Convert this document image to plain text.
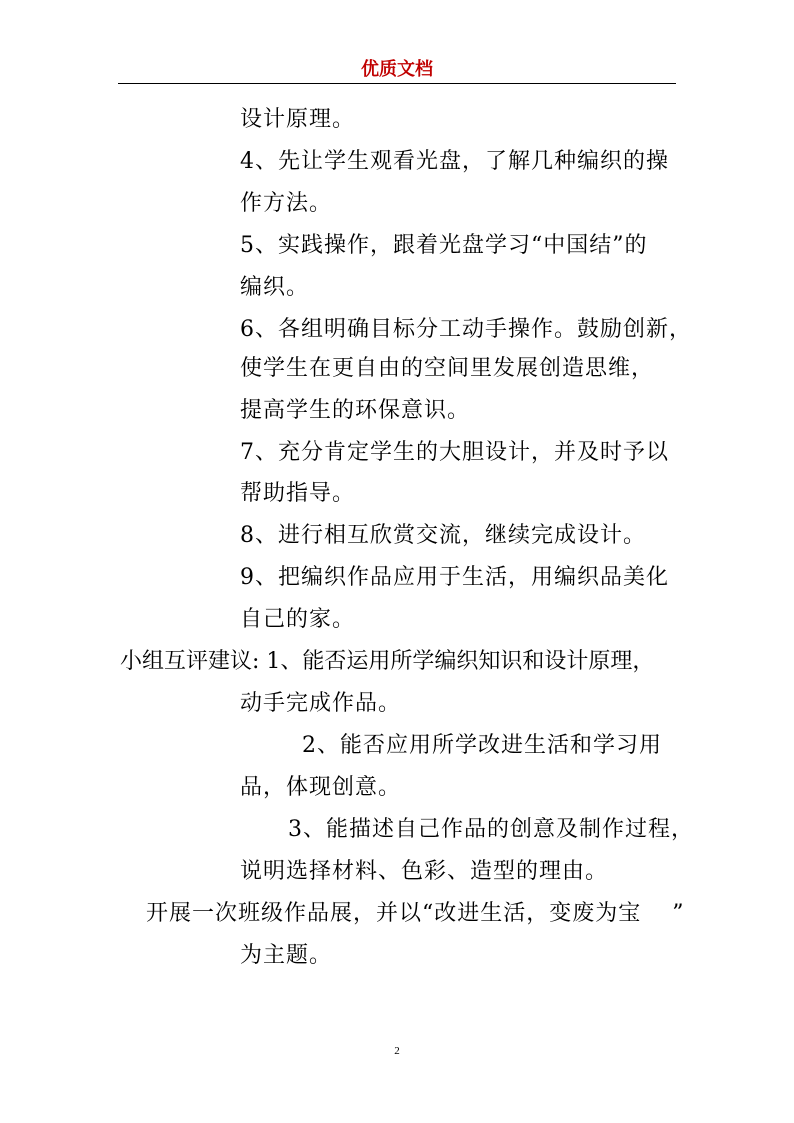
优质文档
设计原理。
4、先让学生观看光盘，了解几种编织的操
作方法。
5、实践操作，跟着光盘学习“中国结”的
编织。
6、各组明确目标分工动手操作。鼓励创新，
使学生在更自由的空间里发展创造思维，
提高学生的环保意识。
7、充分肯定学生的大胆设计，并及时予以
帮助指导。
8、进行相互欣赏交流，继续完成设计。
9、把编织作品应用于生活，用编织品美化
自己的家。
小组互评建议: 1、能否运用所学编织知识和设计原理，
动手完成作品。
2、能否应用所学改进生活和学习用
品，体现创意。
3、能描述自己作品的创意及制作过程，
说明选择材料、色彩、造型的理由。
开展一次班级作品展，并以“改进生活，变废为宝　 ”
为主题。
2
